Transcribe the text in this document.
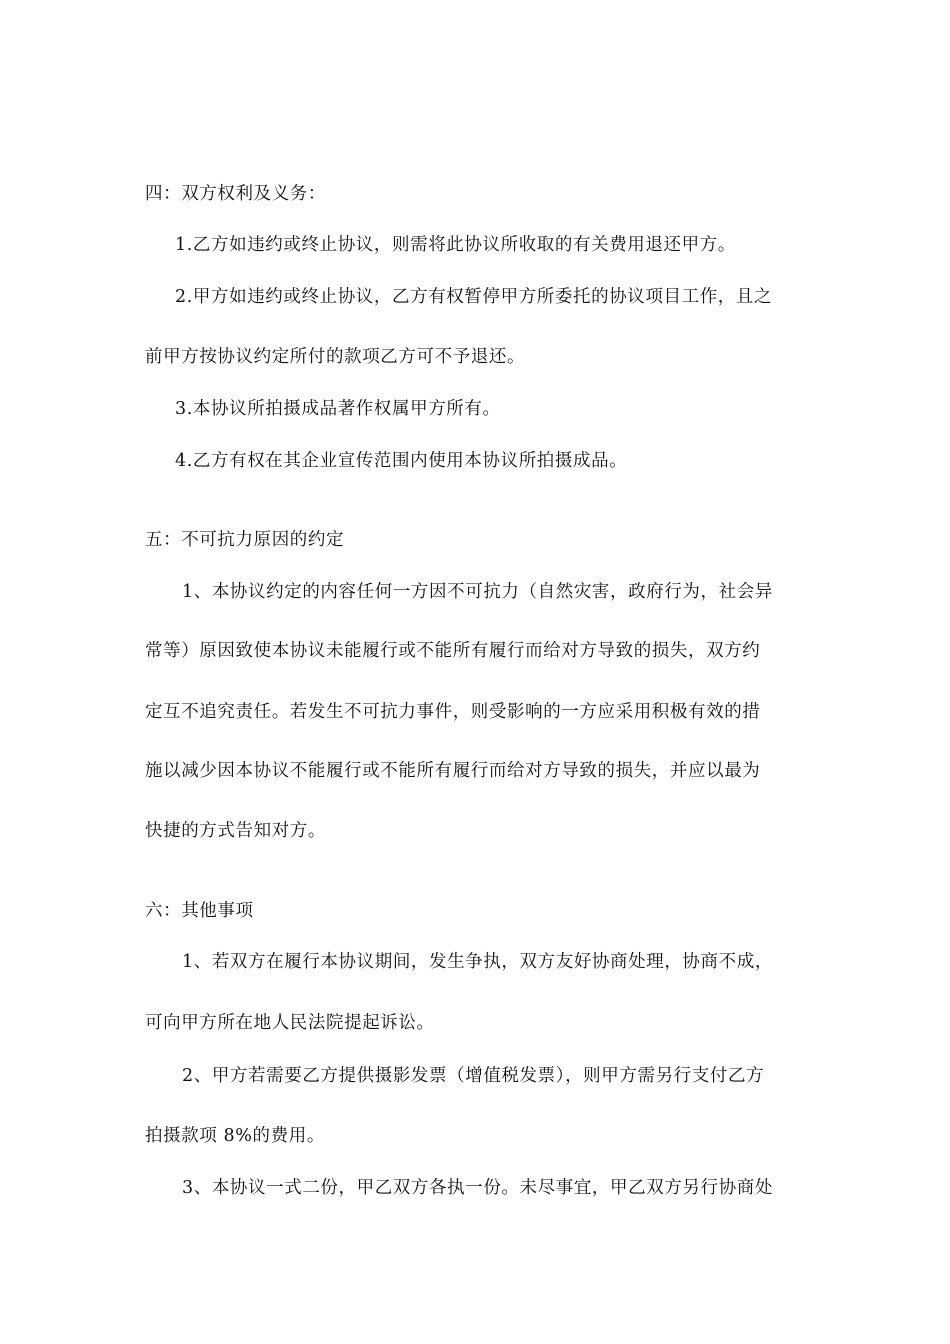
四：双方权利及义务：
1.乙方如违约或终止协议，则需将此协议所收取的有关费用退还甲方。
2.甲方如违约或终止协议，乙方有权暂停甲方所委托的协议项目工作，且之
前甲方按协议约定所付的款项乙方可不予退还。
3.本协议所拍摄成品著作权属甲方所有。
4.乙方有权在其企业宣传范围内使用本协议所拍摄成品。
五：不可抗力原因的约定
1、本协议约定的内容任何一方因不可抗力（自然灾害，政府行为，社会异
常等）原因致使本协议未能履行或不能所有履行而给对方导致的损失，双方约
定互不追究责任。若发生不可抗力事件，则受影响的一方应采用积极有效的措
施以减少因本协议不能履行或不能所有履行而给对方导致的损失，并应以最为
快捷的方式告知对方。
六：其他事项
1、若双方在履行本协议期间，发生争执，双方友好协商处理，协商不成，
可向甲方所在地人民法院提起诉讼。
2、甲方若需要乙方提供摄影发票（增值税发票），则甲方需另行支付乙方
拍摄款项 8%的费用。
3、本协议一式二份，甲乙双方各执一份。未尽事宜，甲乙双方另行协商处
